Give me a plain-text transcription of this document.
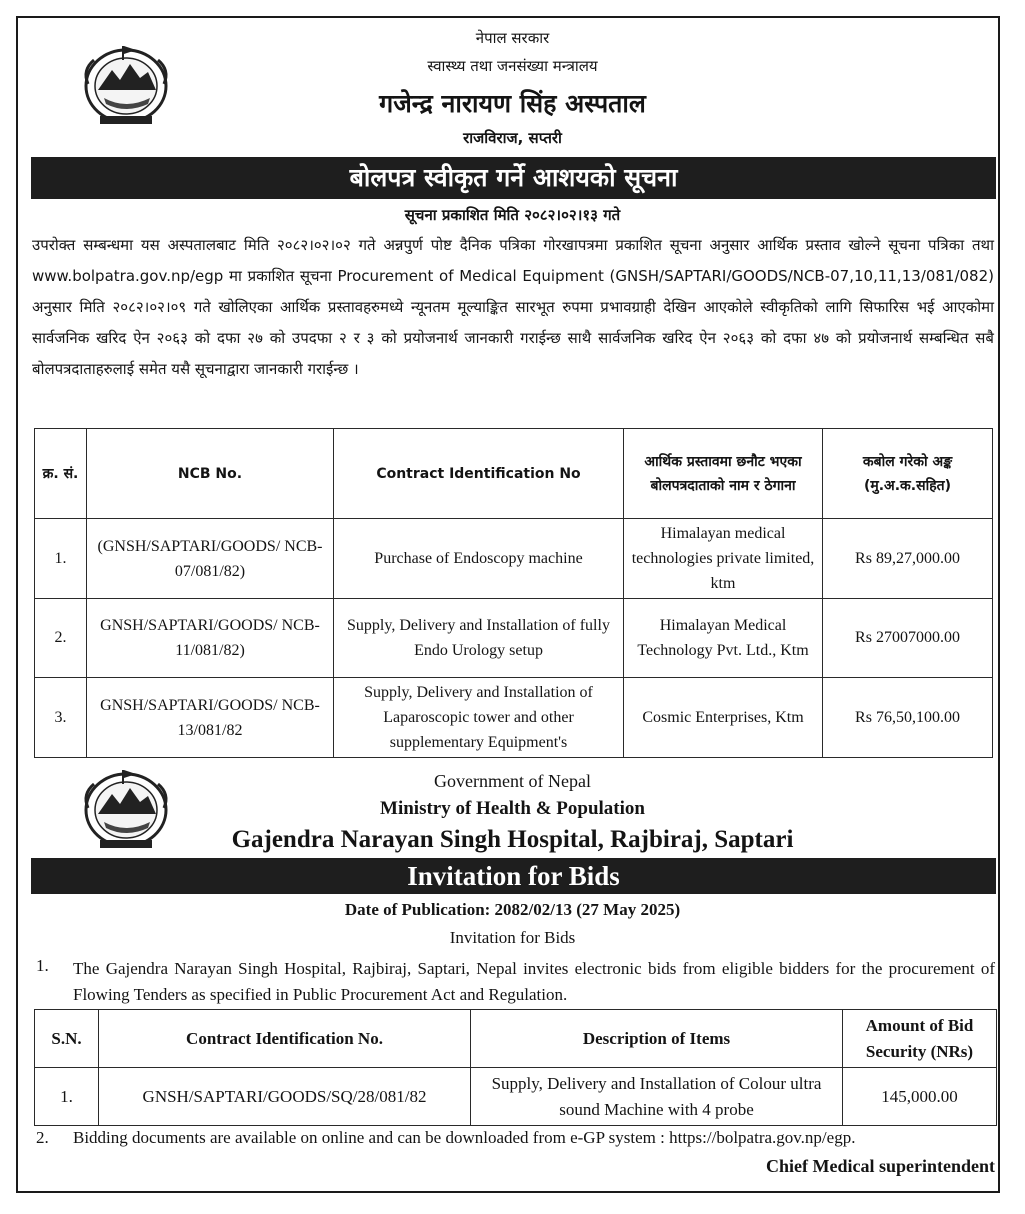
नेपाल सरकार
स्वास्थ्य तथा जनसंख्या मन्त्रालय
गजेन्द्र नारायण सिंह अस्पताल
राजविराज, सप्तरी
बोलपत्र स्वीकृत गर्ने आशयको सूचना
सूचना प्रकाशित मिति २०८२।०२।१३ गते
उपरोक्त सम्बन्धमा यस अस्पतालबाट मिति २०८२।०२।०२ गते अन्नपुर्ण पोष्ट दैनिक पत्रिका गोरखापत्रमा प्रकाशित सूचना अनुसार आर्थिक प्रस्ताव खोल्ने सूचना पत्रिका तथा www.bolpatra.gov.np/egp मा प्रकाशित सूचना Procurement of Medical Equipment (GNSH/SAPTARI/GOODS/NCB-07,10,11,13/081/082) अनुसार मिति २०८२।०२।०९ गते खोलिएका आर्थिक प्रस्तावहरुमध्ये न्यूनतम मूल्याङ्कित सारभूत रुपमा प्रभावग्राही देखिन आएकोले स्वीकृतिको लागि सिफारिस भई आएकोमा सार्वजनिक खरिद ऐन २०६३ को दफा २७ को उपदफा २ र ३ को प्रयोजनार्थ जानकारी गराईन्छ साथै सार्वजनिक खरिद ऐन २०६३ को दफा ४७ को प्रयोजनार्थ सम्बन्धित सबै बोलपत्रदाताहरुलाई समेत यसै सूचनाद्वारा जानकारी गराईन्छ ।
क्र. सं.	NCB No.	Contract Identification No	आर्थिक प्रस्तावमा छनौट भएका बोलपत्रदाताको नाम र ठेगाना	कबोल गरेको अङ्क (मु.अ.क.सहित)
1.	(GNSH/SAPTARI/GOODS/ NCB-07/081/82)	Purchase of Endoscopy machine	Himalayan medical technologies private limited, ktm	Rs 89,27,000.00
2.	GNSH/SAPTARI/GOODS/ NCB-11/081/82)	Supply, Delivery and Installation of fully Endo Urology setup	Himalayan Medical Technology Pvt. Ltd., Ktm	Rs 27007000.00
3.	GNSH/SAPTARI/GOODS/ NCB-13/081/82	Supply, Delivery and Installation of Laparoscopic tower and other supplementary Equipment's	Cosmic Enterprises, Ktm	Rs 76,50,100.00
Government of Nepal
Ministry of Health & Population
Gajendra Narayan Singh Hospital, Rajbiraj, Saptari
Invitation for Bids
Date of Publication: 2082/02/13 (27 May 2025)
Invitation for Bids
1. The Gajendra Narayan Singh Hospital, Rajbiraj, Saptari, Nepal invites electronic bids from eligible bidders for the procurement of Flowing Tenders as specified in Public Procurement Act and Regulation.
S.N.	Contract Identification No.	Description of Items	Amount of Bid Security (NRs)
1.	GNSH/SAPTARI/GOODS/SQ/28/081/82	Supply, Delivery and Installation of Colour ultra sound Machine with 4 probe	145,000.00
2. Bidding documents are available on online and can be downloaded from e-GP system : https://bolpatra.gov.np/egp.
Chief Medical superintendent
